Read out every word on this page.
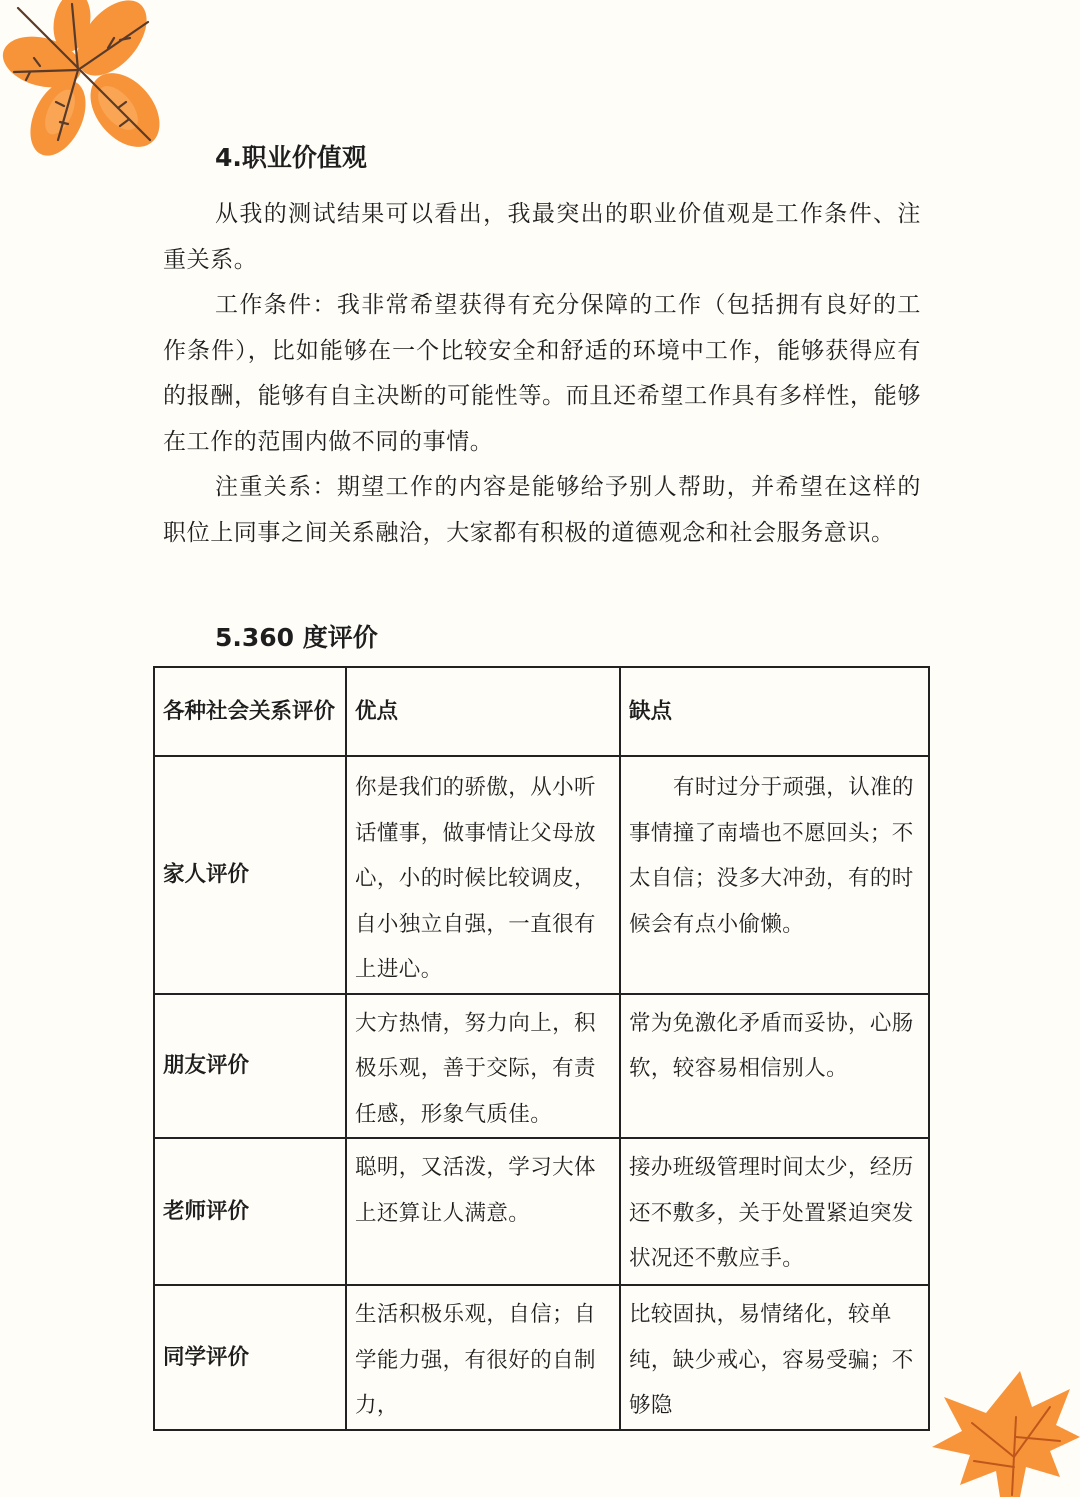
4.职业价值观

从我的测试结果可以看出，我最突出的职业价值观是工作条件、注重关系。

工作条件：我非常希望获得有充分保障的工作（包括拥有良好的工作条件），比如能够在一个比较安全和舒适的环境中工作，能够获得应有的报酬，能够有自主决断的可能性等。而且还希望工作具有多样性，能够在工作的范围内做不同的事情。

注重关系：期望工作的内容是能够给予别人帮助，并希望在这样的职位上同事之间关系融洽，大家都有积极的道德观念和社会服务意识。

5.360 度评价
各种社会关系评价	优点	缺点
家人评价	你是我们的骄傲，从小听话懂事，做事情让父母放心，小的时候比较调皮，自小独立自强，一直很有上进心。	有时过分于顽强，认准的事情撞了南墙也不愿回头；不太自信；没多大冲劲，有的时候会有点小偷懒。
朋友评价	大方热情，努力向上，积极乐观，善于交际，有责任感，形象气质佳。	常为免激化矛盾而妥协，心肠软，较容易相信别人。
老师评价	聪明，又活泼，学习大体上还算让人满意。	接办班级管理时间太少，经历还不敷多，关于处置紧迫突发状况还不敷应手。
同学评价	生活积极乐观，自信；自学能力强，有很好的自制力，	比较固执，易情绪化，较单纯，缺少戒心，容易受骗；不够隐
